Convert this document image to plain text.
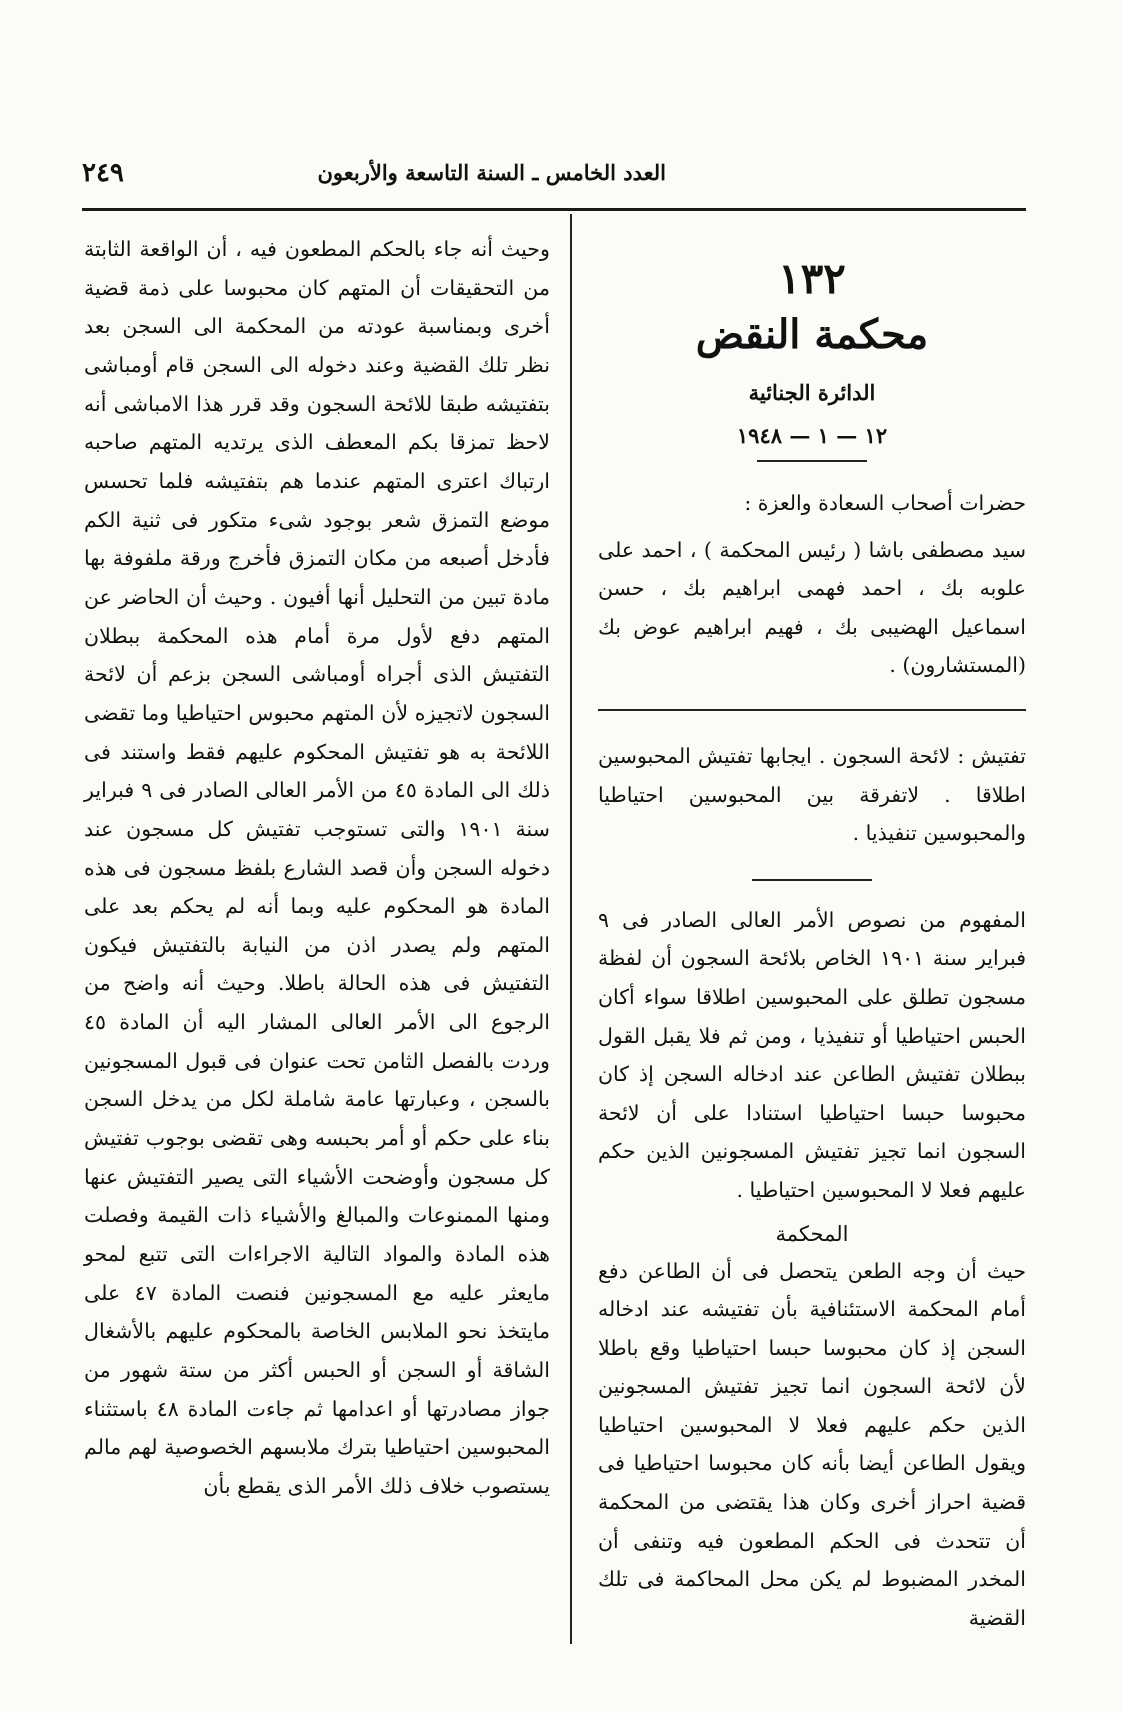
العدد الخامس ـ السنة التاسعة والأربعون
٢٤٩
١٣٢
محكمة النقض
الدائرة الجنائية
١٢ — ١ — ١٩٤٨

حضرات أصحاب السعادة والعزة :

سيد مصطفى باشا ( رئيس المحكمة ) ، احمد على علوبه بك ، احمد فهمى ابراهيم بك ، حسن اسماعيل الهضيبى بك ، فهيم ابراهيم عوض بك (المستشارون) .

تفتيش : لائحة السجون . ايجابها تفتيش المحبوسين اطلاقا . لاتفرقة بين المحبوسين احتياطيا والمحبوسين تنفيذيا .

المفهوم من نصوص الأمر العالى الصادر فى ٩ فبراير سنة ١٩٠١ الخاص بلائحة السجون أن لفظة مسجون تطلق على المحبوسين اطلاقا سواء أكان الحبس احتياطيا أو تنفيذيا ، ومن ثم فلا يقبل القول ببطلان تفتيش الطاعن عند ادخاله السجن إذ كان محبوسا حبسا احتياطيا استنادا على أن لائحة السجون انما تجيز تفتيش المسجونين الذين حكم عليهم فعلا لا المحبوسين احتياطيا .

المحكمة

حيث أن وجه الطعن يتحصل فى أن الطاعن دفع أمام المحكمة الاستئنافية بأن تفتيشه عند ادخاله السجن إذ كان محبوسا حبسا احتياطيا وقع باطلا لأن لائحة السجون انما تجيز تفتيش المسجونين الذين حكم عليهم فعلا لا المحبوسين احتياطيا ويقول الطاعن أيضا بأنه كان محبوسا احتياطيا فى قضية احراز أخرى وكان هذا يقتضى من المحكمة أن تتحدث فى الحكم المطعون فيه وتنفى أن المخدر المضبوط لم يكن محل المحاكمة فى تلك القضية

وحيث أنه جاء بالحكم المطعون فيه ، أن الواقعة الثابتة من التحقيقات أن المتهم كان محبوسا على ذمة قضية أخرى وبمناسبة عودته من المحكمة الى السجن بعد نظر تلك القضية وعند دخوله الى السجن قام أومباشى بتفتيشه طبقا للائحة السجون وقد قرر هذا الامباشى أنه لاحظ تمزقا بكم المعطف الذى يرتديه المتهم صاحبه ارتباك اعترى المتهم عندما هم بتفتيشه فلما تحسس موضع التمزق شعر بوجود شىء متكور فى ثنية الكم فأدخل أصبعه من مكان التمزق فأخرج ورقة ملفوفة بها مادة تبين من التحليل أنها أفيون . وحيث أن الحاضر عن المتهم دفع لأول مرة أمام هذه المحكمة ببطلان التفتيش الذى أجراه أومباشى السجن بزعم أن لائحة السجون لاتجيزه لأن المتهم محبوس احتياطيا وما تقضى اللائحة به هو تفتيش المحكوم عليهم فقط واستند فى ذلك الى المادة ٤٥ من الأمر العالى الصادر فى ٩ فبراير سنة ١٩٠١ والتى تستوجب تفتيش كل مسجون عند دخوله السجن وأن قصد الشارع بلفظ مسجون فى هذه المادة هو المحكوم عليه وبما أنه لم يحكم بعد على المتهم ولم يصدر اذن من النيابة بالتفتيش فيكون التفتيش فى هذه الحالة باطلا. وحيث أنه واضح من الرجوع الى الأمر العالى المشار اليه أن المادة ٤٥ وردت بالفصل الثامن تحت عنوان فى قبول المسجونين بالسجن ، وعبارتها عامة شاملة لكل من يدخل السجن بناء على حكم أو أمر بحبسه وهى تقضى بوجوب تفتيش كل مسجون وأوضحت الأشياء التى يصير التفتيش عنها ومنها الممنوعات والمبالغ والأشياء ذات القيمة وفصلت هذه المادة والمواد التالية الاجراءات التى تتبع لمحو مايعثر عليه مع المسجونين فنصت المادة ٤٧ على مايتخذ نحو الملابس الخاصة بالمحكوم عليهم بالأشغال الشاقة أو السجن أو الحبس أكثر من ستة شهور من جواز مصادرتها أو اعدامها ثم جاءت المادة ٤٨ باستثناء المحبوسين احتياطيا بترك ملابسهم الخصوصية لهم مالم يستصوب خلاف ذلك الأمر الذى يقطع بأن
